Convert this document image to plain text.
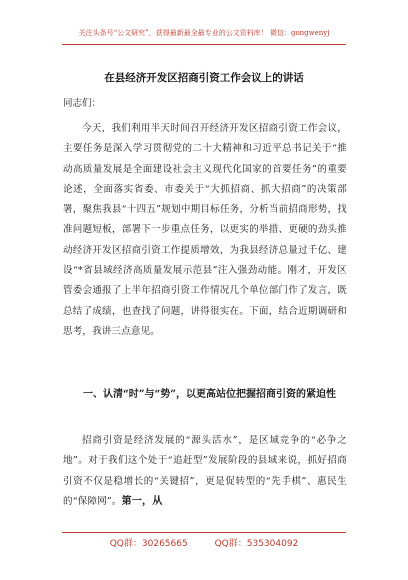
关注头条号“公文研究”，获得最新最全最专业的公文资料库！ 微信：gongwenyj
在县经济开发区招商引资工作会议上的讲话
同志们：

今天，我们利用半天时间召开经济开发区招商引资工作会议，主要任务是深入学习贯彻党的二十大精神和习近平总书记关于“推动高质量发展是全面建设社会主义现代化国家的首要任务”的重要论述，全面落实省委、市委关于“大抓招商、抓大招商”的决策部署，聚焦我县“十四五”规划中期目标任务，分析当前招商形势，找准问题短板，部署下一步重点任务，以更实的举措、更硬的劲头推动经济开发区招商引资工作提质增效，为我县经济总量过千亿、建设“*省县域经济高质量发展示范县”注入强劲动能。刚才，开发区管委会通报了上半年招商引资工作情况几个单位部门作了发言，既总结了成绩，也查找了问题，讲得很实在。下面，结合近期调研和思考，我讲三点意见。

一、认清“时”与“势”，以更高站位把握招商引资的紧迫性

招商引资是经济发展的“源头活水”，是区域竞争的“必争之地”。对于我们这个处于“追赶型”发展阶段的县域来说，抓好招商引资不仅是稳增长的“关键招”，更是促转型的“先手棋”、惠民生的“保障网”。第一，从

QQ群：30265665	QQ群：535304092
